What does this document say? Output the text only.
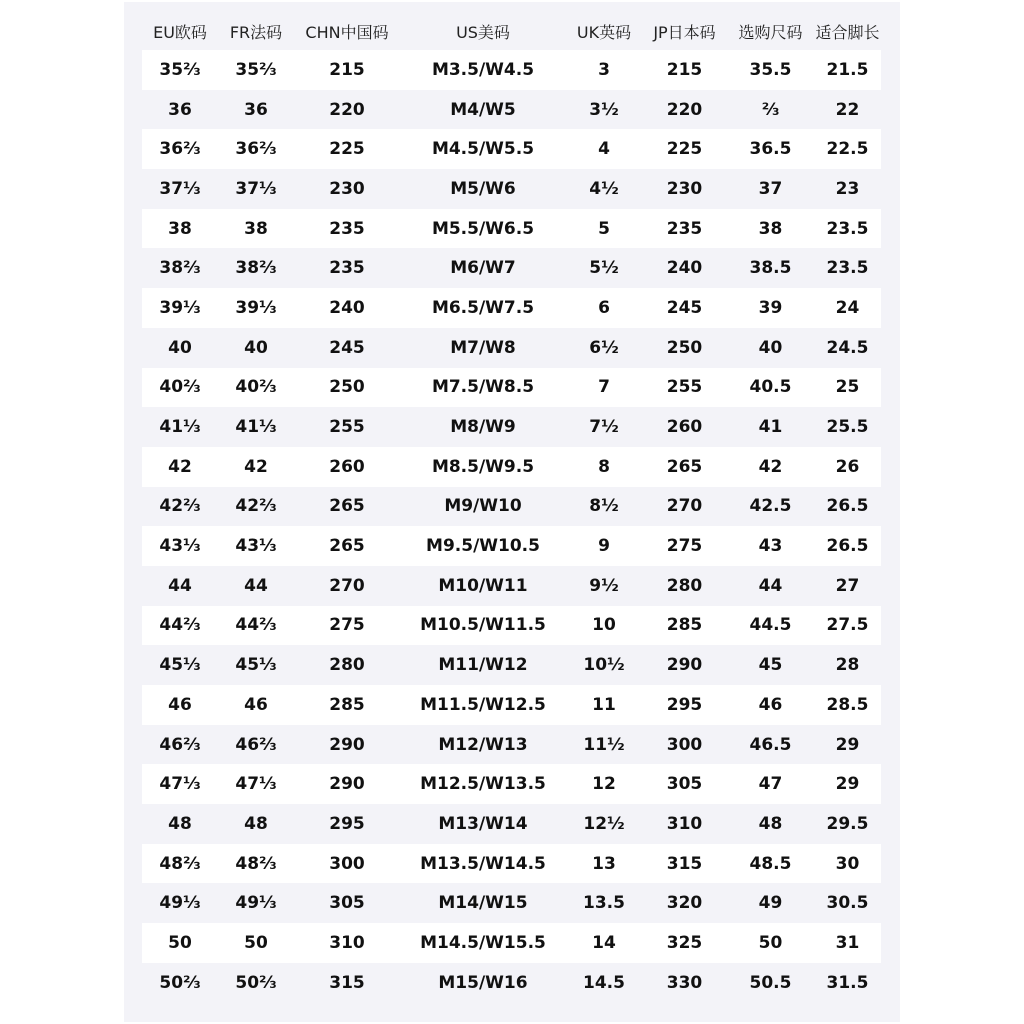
EU欧码	FR法码	CHN中国码	US美码	UK英码	JP日本码	选购尺码	适合脚长
35⅔	35⅔	215	M3.5/W4.5	3	215	35.5	21.5
36	36	220	M4/W5	3½	220	⅔	22
36⅔	36⅔	225	M4.5/W5.5	4	225	36.5	22.5
37⅓	37⅓	230	M5/W6	4½	230	37	23
38	38	235	M5.5/W6.5	5	235	38	23.5
38⅔	38⅔	235	M6/W7	5½	240	38.5	23.5
39⅓	39⅓	240	M6.5/W7.5	6	245	39	24
40	40	245	M7/W8	6½	250	40	24.5
40⅔	40⅔	250	M7.5/W8.5	7	255	40.5	25
41⅓	41⅓	255	M8/W9	7½	260	41	25.5
42	42	260	M8.5/W9.5	8	265	42	26
42⅔	42⅔	265	M9/W10	8½	270	42.5	26.5
43⅓	43⅓	265	M9.5/W10.5	9	275	43	26.5
44	44	270	M10/W11	9½	280	44	27
44⅔	44⅔	275	M10.5/W11.5	10	285	44.5	27.5
45⅓	45⅓	280	M11/W12	10½	290	45	28
46	46	285	M11.5/W12.5	11	295	46	28.5
46⅔	46⅔	290	M12/W13	11½	300	46.5	29
47⅓	47⅓	290	M12.5/W13.5	12	305	47	29
48	48	295	M13/W14	12½	310	48	29.5
48⅔	48⅔	300	M13.5/W14.5	13	315	48.5	30
49⅓	49⅓	305	M14/W15	13.5	320	49	30.5
50	50	310	M14.5/W15.5	14	325	50	31
50⅔	50⅔	315	M15/W16	14.5	330	50.5	31.5
